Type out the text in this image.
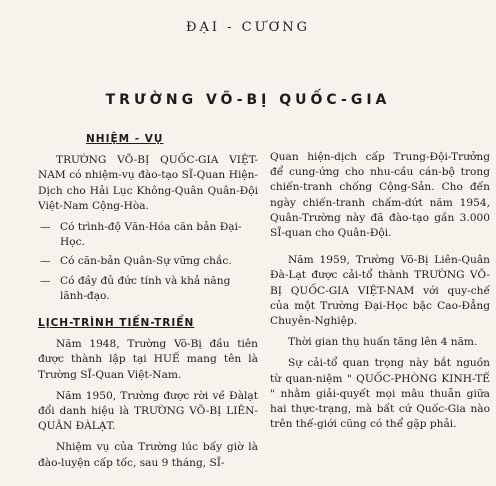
ĐẠI - CƯƠNG
TRƯỜNG VÕ-BỊ QUỐC-GIA
NHIỆM - VỤ

TRƯỜNG VÕ-BỊ QUỐC-GIA VIỆT-NAM có nhiệm-vụ đào-tạo SĨ-Quan Hiện-Dịch cho Hải Lục Không-Quân Quân-Đội Việt-Nam Cộng-Hòa.

— Có trình-độ Văn-Hóa căn bản Đại-Học.
— Có căn-bản Quân-Sự vững chắc.
— Có đầy đủ đức tính và khả năng lãnh-đạo.
LỊCH-TRÌNH TIẾN-TRIỂN

Năm 1948, Trường Võ-Bị đầu tiên được thành lập tại HUẾ mang tên là Trường SĨ-Quan Việt-Nam.

Năm 1950, Trường được rời về Đàlạt đổi danh hiệu là TRƯỜNG VÕ-BỊ LIÊN-QUÂN ĐÀLẠT.

Nhiệm vụ của Trường lúc bấy giờ là đào-luyện cấp tốc, sau 9 tháng, SĨ-

Quan hiện-dịch cấp Trung-Đội-Trưởng để cung-ứng cho nhu-cầu cán-bộ trong chiến-tranh chống Cộng-Sản. Cho đến ngày chiến-tranh chấm-dứt năm 1954, Quân-Trường này đã đào-tạo gần 3.000 SĨ-quan cho Quân-Đội.

Năm 1959, Trường Võ-Bị Liên-Quân Đà-Lạt được cải-tổ thành TRƯỜNG VÕ-BỊ QUỐC-GIA VIỆT-NAM với quy-chế của một Trường Đại-Học bậc Cao-Đẳng Chuyên-Nghiệp.

Thời gian thụ huấn tăng lên 4 năm.

Sự cải-tổ quan trọng này bắt nguồn từ quan-niệm " QUỐC-PHÒNG KINH-TẾ " nhằm giải-quyết mọi mâu thuẫn giữa hai thực-trạng, mà bất cứ Quốc-Gia nào trên thế-giới cũng có thể gặp phải.
